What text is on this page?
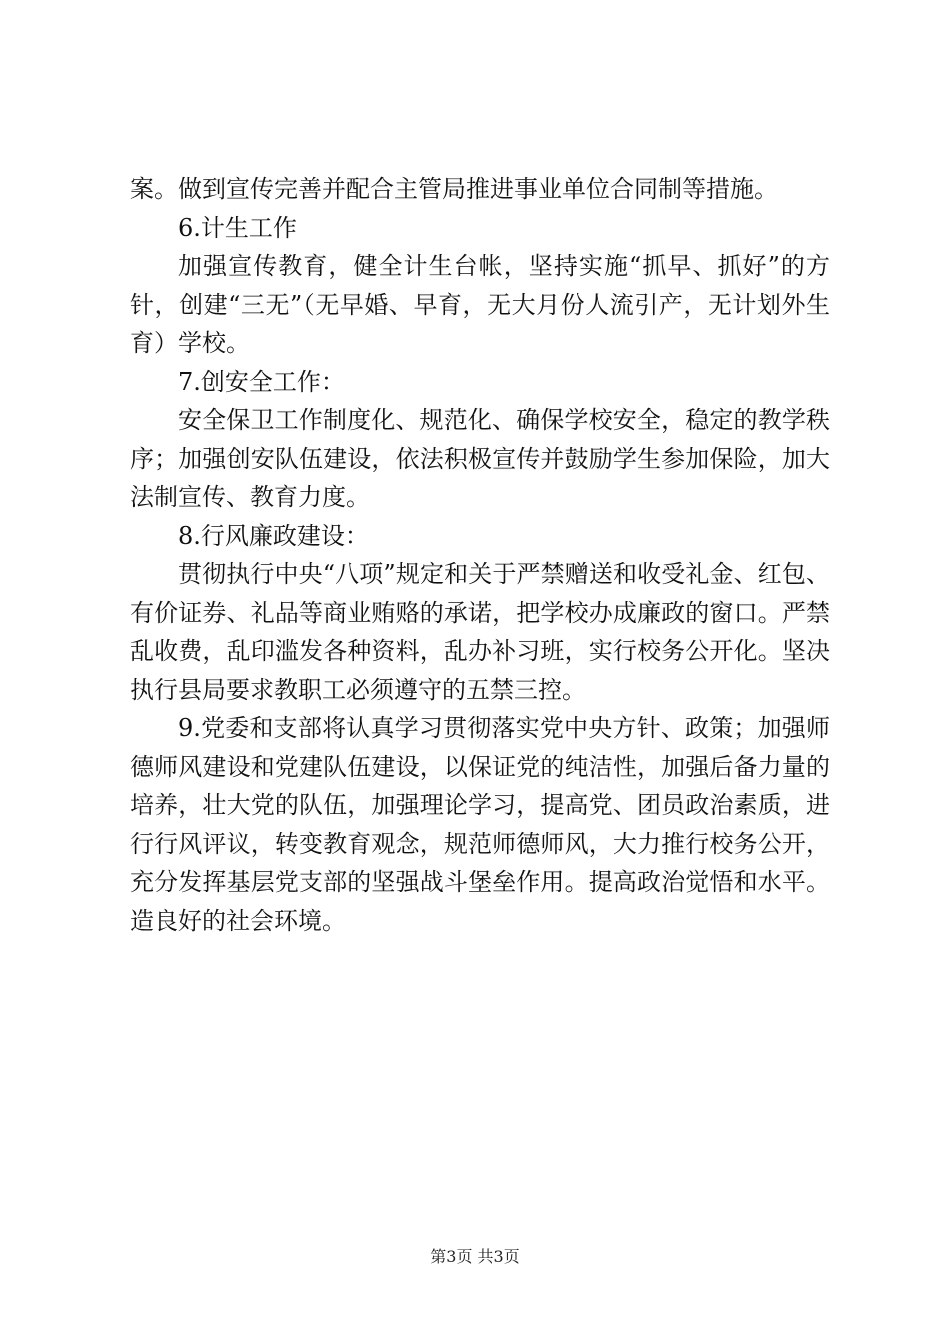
案。做到宣传完善并配合主管局推进事业单位合同制等措施。

6.计生工作

加强宣传教育，健全计生台帐，坚持实施“抓早、抓好”的方针，创建“三无”（无早婚、早育，无大月份人流引产，无计划外生育）学校。

7.创安全工作：

安全保卫工作制度化、规范化、确保学校安全，稳定的教学秩序；加强创安队伍建设，依法积极宣传并鼓励学生参加保险，加大法制宣传、教育力度。

8.行风廉政建设：

贯彻执行中央“八项”规定和关于严禁赠送和收受礼金、红包、有价证券、礼品等商业贿赂的承诺，把学校办成廉政的窗口。严禁乱收费，乱印滥发各种资料，乱办补习班，实行校务公开化。坚决执行县局要求教职工必须遵守的五禁三控。

9.党委和支部将认真学习贯彻落实党中央方针、政策；加强师德师风建设和党建队伍建设，以保证党的纯洁性，加强后备力量的培养，壮大党的队伍，加强理论学习，提高党、团员政治素质，进行行风评议，转变教育观念，规范师德师风，大力推行校务公开，充分发挥基层党支部的坚强战斗堡垒作用。提高政治觉悟和水平。造良好的社会环境。

第3页 共3页
